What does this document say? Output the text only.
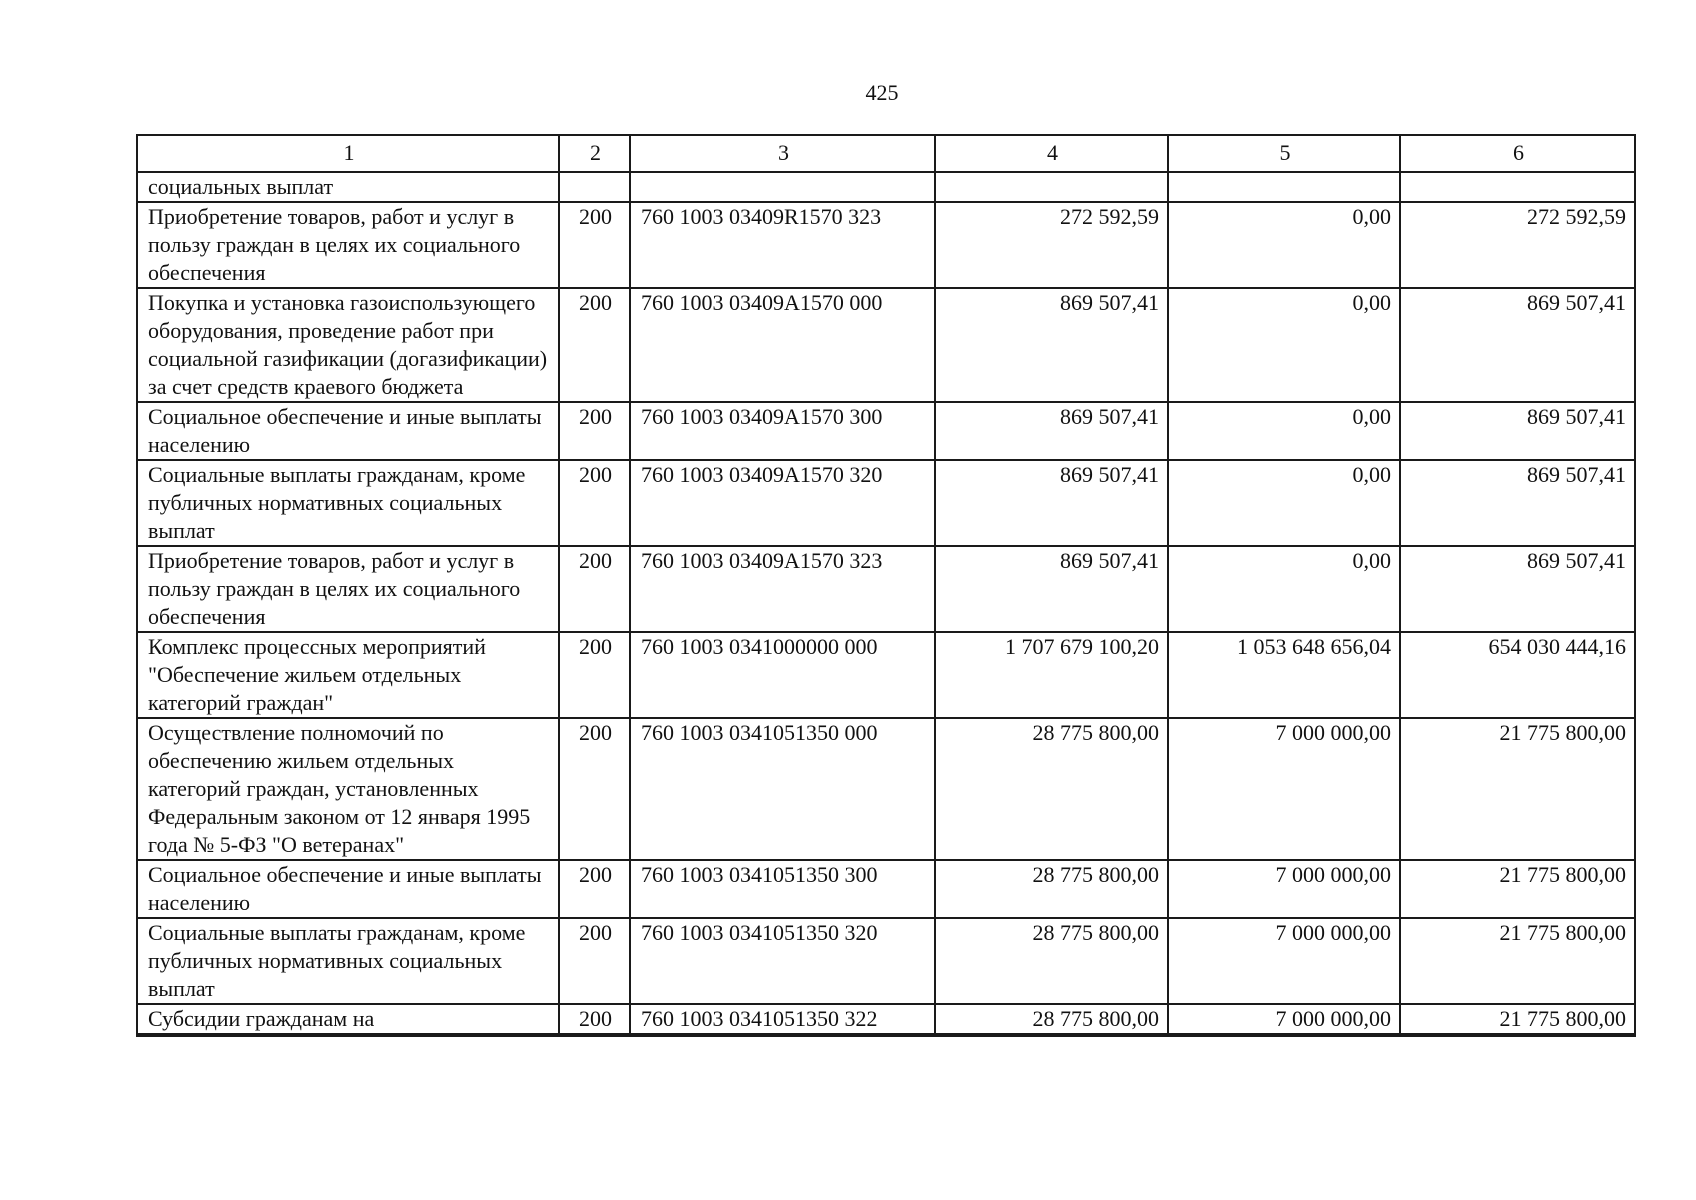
425
1	2	3	4	5	6
социальных выплат					
Приобретение товаров, работ и услуг в пользу граждан в целях их социального обеспечения	200	760 1003 03409R1570 323	272 592,59	0,00	272 592,59
Покупка и установка газоиспользующего оборудования, проведение работ при социальной газификации (догазификации) за счет средств краевого бюджета	200	760 1003 03409A1570 000	869 507,41	0,00	869 507,41
Социальное обеспечение и иные выплаты населению	200	760 1003 03409A1570 300	869 507,41	0,00	869 507,41
Социальные выплаты гражданам, кроме публичных нормативных социальных выплат	200	760 1003 03409A1570 320	869 507,41	0,00	869 507,41
Приобретение товаров, работ и услуг в пользу граждан в целях их социального обеспечения	200	760 1003 03409A1570 323	869 507,41	0,00	869 507,41
Комплекс процессных мероприятий "Обеспечение жильем отдельных категорий граждан"	200	760 1003 0341000000 000	1 707 679 100,20	1 053 648 656,04	654 030 444,16
Осуществление полномочий по обеспечению жильем отдельных категорий граждан, установленных Федеральным законом от 12 января 1995 года № 5-ФЗ "О ветеранах"	200	760 1003 0341051350 000	28 775 800,00	7 000 000,00	21 775 800,00
Социальное обеспечение и иные выплаты населению	200	760 1003 0341051350 300	28 775 800,00	7 000 000,00	21 775 800,00
Социальные выплаты гражданам, кроме публичных нормативных социальных выплат	200	760 1003 0341051350 320	28 775 800,00	7 000 000,00	21 775 800,00
Субсидии гражданам на	200	760 1003 0341051350 322	28 775 800,00	7 000 000,00	21 775 800,00
